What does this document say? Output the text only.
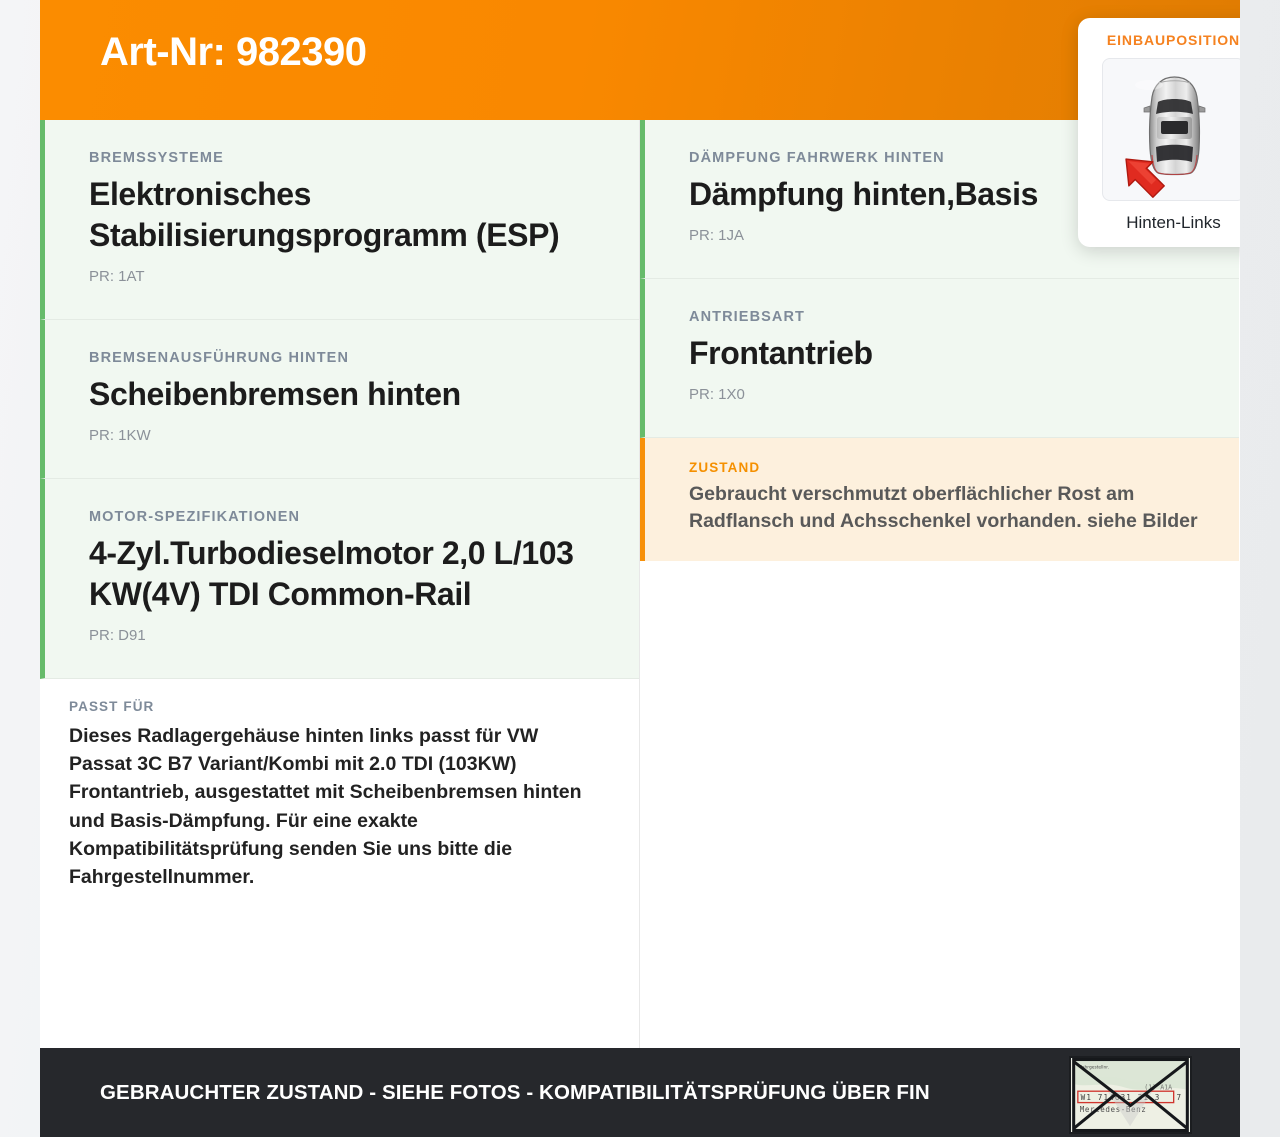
Art-Nr: 982390
BREMSSYSTEME
Elektronisches Stabilisierungsprogramm (ESP)
PR: 1AT
BREMSENAUSFÜHRUNG HINTEN
Scheibenbremsen hinten
PR: 1KW
MOTOR-SPEZIFIKATIONEN
4-Zyl.Turbodieselmotor 2,0 L/103 KW(4V) TDI Common-Rail
PR: D91
PASST FÜR
Dieses Radlagergehäuse hinten links passt für VW Passat 3C B7 Variant/Kombi mit 2.0 TDI (103KW) Frontantrieb, ausgestattet mit Scheibenbremsen hinten und Basis-Dämpfung. Für eine exakte Kompatibilitätsprüfung senden Sie uns bitte die Fahrgestellnummer.
DÄMPFUNG FAHRWERK HINTEN
Dämpfung hinten,Basis
PR: 1JA
ANTRIEBSART
Frontantrieb
PR: 1X0
ZUSTAND
Gebraucht verschmutzt oberflächlicher Rost am Radflansch und Achsschenkel vorhanden. siehe Bilder
EINBAUPOSITION
Hinten-Links
GEBRAUCHTER ZUSTAND - SIEHE FOTOS - KOMPATIBILITÄTSPRÜFUNG ÜBER FIN
Fahrgestellnr.
(1) A1A
W1 714631 31 3 7
Mercedes-Benz
